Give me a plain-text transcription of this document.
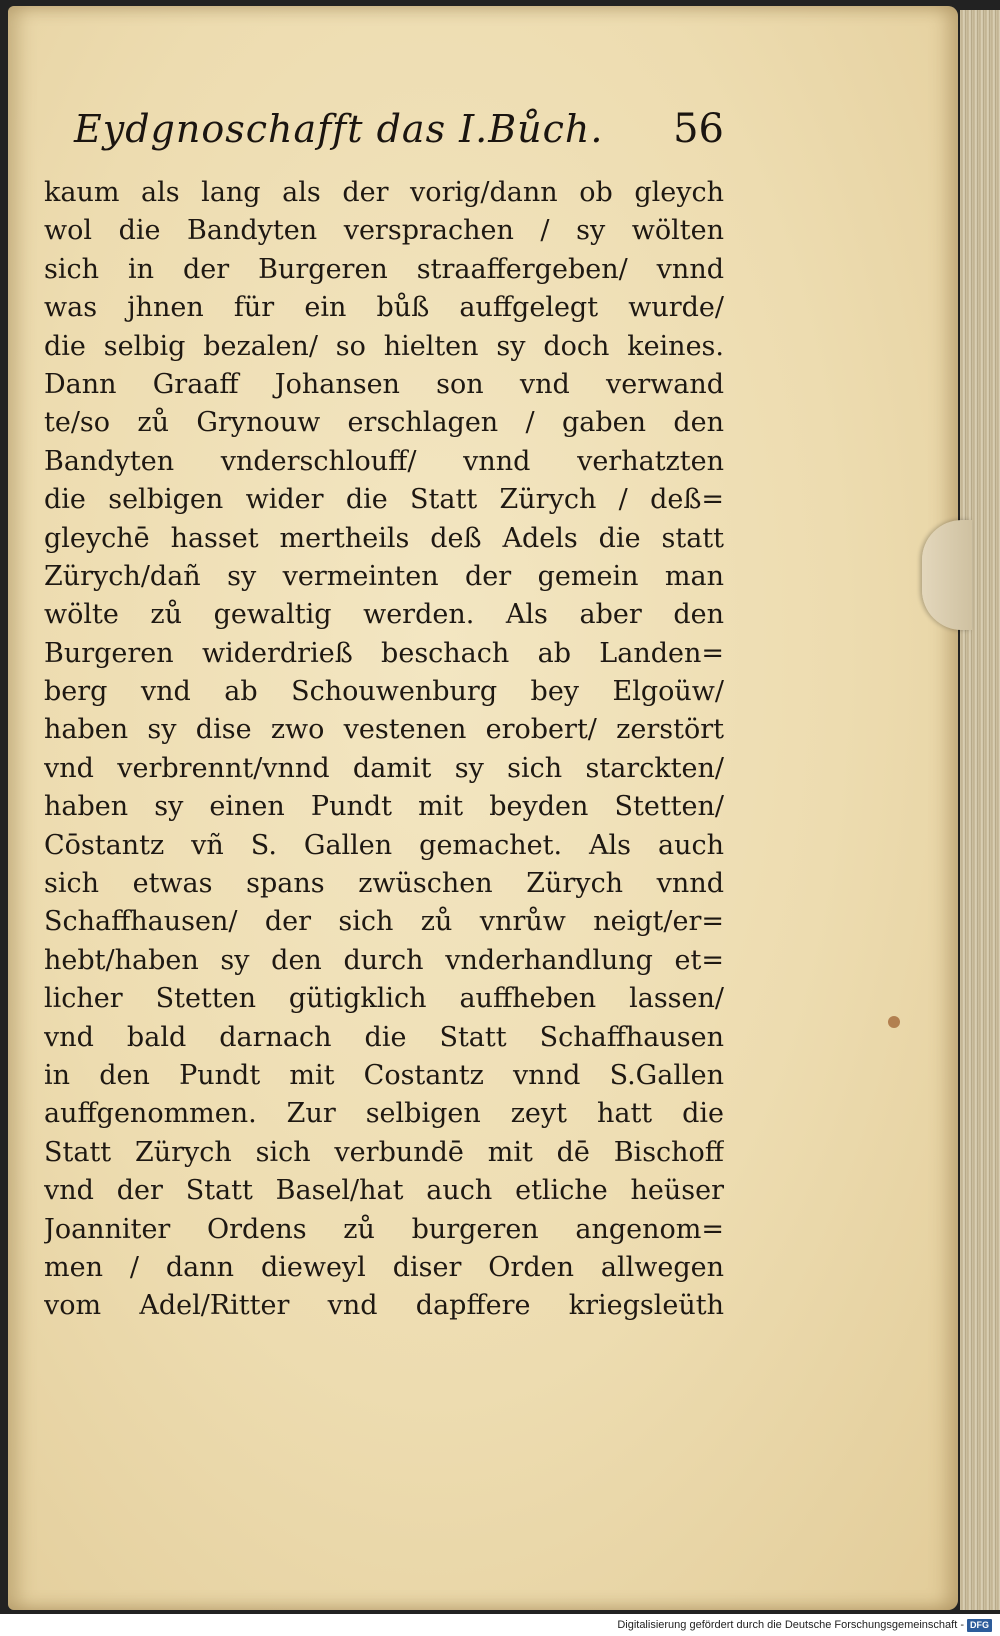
Eydgnoschafft das I.Bůch. 56
kaum als lang als der vorig/dann ob gleych
wol die Bandyten versprachen / sy wölten
sich in der Burgeren straaffergeben/ vnnd
was jhnen für ein bůß auffgelegt wurde/
die selbig bezalen/ so hielten sy doch keines.
Dann Graaff Johansen son vnd verwand
te/so zů Grynouw erschlagen / gaben den
Bandyten vnderschlouff/ vnnd verhatzten
die selbigen wider die Statt Zürych / deß=
gleychē hasset mertheils deß Adels die statt
Zürych/dañ sy vermeinten der gemein man
wölte zů gewaltig werden. Als aber den
Burgeren widerdrieß beschach ab Landen=
berg vnd ab Schouwenburg bey Elgoüw/
haben sy dise zwo vestenen erobert/ zerstört
vnd verbrennt/vnnd damit sy sich starckten/
haben sy einen Pundt mit beyden Stetten/
Cōstantz vñ S. Gallen gemachet. Als auch
sich etwas spans zwüschen Zürych vnnd
Schaffhausen/ der sich zů vnrůw neigt/er=
hebt/haben sy den durch vnderhandlung et=
licher Stetten gütigklich auffheben lassen/
vnd bald darnach die Statt Schaffhausen
in den Pundt mit Costantz vnnd S.Gallen
auffgenommen. Zur selbigen zeyt hatt die
Statt Zürych sich verbundē mit dē Bischoff
vnd der Statt Basel/hat auch etliche heüser
Joanniter Ordens zů burgeren angenom=
men / dann dieweyl diser Orden allwegen
vom Adel/Ritter vnd dapffere kriegsleüth
Digitalisierung gefördert durch die Deutsche Forschungsgemeinschaft - DFG
